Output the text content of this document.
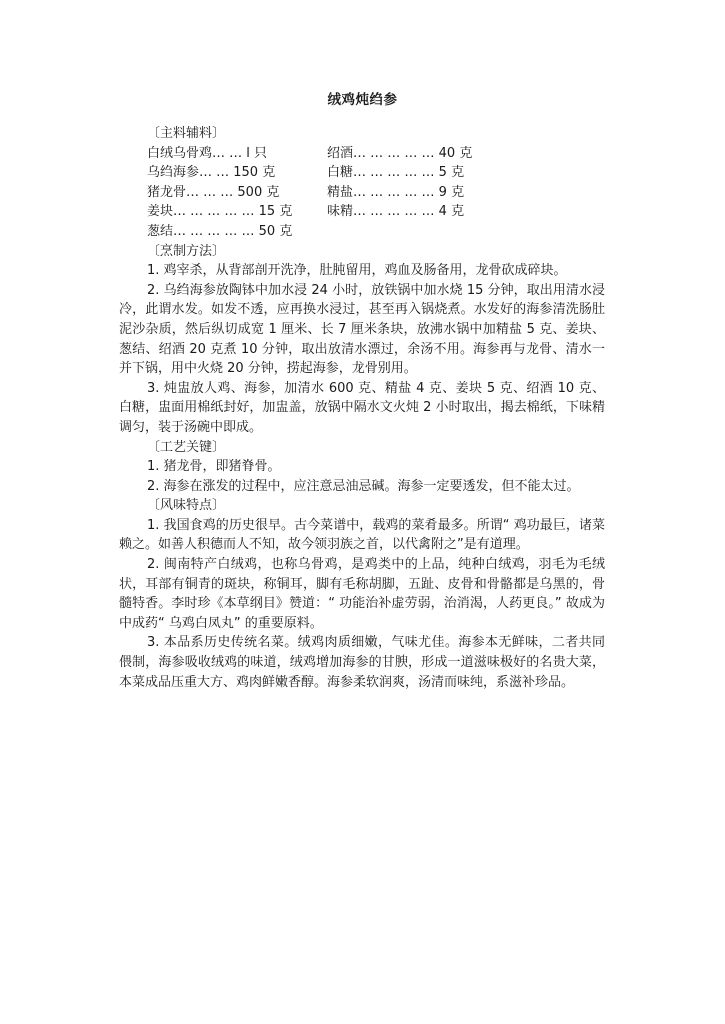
绒鸡炖绉参

〔主料辅料〕

白绒乌骨鸡… … l 只	绍酒… … … … … 40 克
乌绉海参… … 150 克	白糖… … … … … 5 克
猪龙骨… … … 500 克	精盐… … … … … 9 克
姜块… … … … … 15 克	味精… … … … … 4 克
葱结… … … … … 50 克

〔烹制方法〕

1. 鸡宰杀，从背部剖开洗净，肚肫留用，鸡血及肠备用，龙骨砍成碎块。

2. 乌绉海参放陶钵中加水浸 24 小时，放铁锅中加水烧 15 分钟，取出用清水浸冷，此谓水发。如发不透，应再换水浸过，甚至再入锅烧煮。水发好的海参清洗肠肚泥沙杂质，然后纵切成宽 1 厘米、长 7 厘米条块，放沸水锅中加精盐 5 克、姜块、葱结、绍酒 20 克煮 10 分钟，取出放清水漂过，余汤不用。海参再与龙骨、清水一并下锅，用中火烧 20 分钟，捞起海参，龙骨别用。

3. 炖盅放人鸡、海参，加清水 600 克、精盐 4 克、姜块 5 克、绍酒 10 克、白糖，盅面用棉纸封好，加盅盖，放锅中隔水文火炖 2 小时取出，揭去棉纸，下味精调匀，装于汤碗中即成。

〔工艺关键〕

1. 猪龙骨，即猪脊骨。

2. 海参在涨发的过程中，应注意忌油忌碱。海参一定要透发，但不能太过。

〔风味特点〕

1. 我国食鸡的历史很早。古今菜谱中，载鸡的菜肴最多。所谓“ 鸡功最巨，诸菜赖之。如善人积德而人不知，故今领羽族之首，以代禽附之”是有道理。

2. 闽南特产白绒鸡，也称乌骨鸡，是鸡类中的上品，纯种白绒鸡，羽毛为毛绒状，耳部有铜青的斑块，称铜耳，脚有毛称胡脚，五趾、皮骨和骨骼都是乌黑的，骨髓特香。李时珍《本草纲目》赞道：“ 功能治补虚劳弱，治消渴，人药更良。” 故成为中成药“ 乌鸡白凤丸” 的重要原料。

3. 本品系历史传统名菜。绒鸡肉质细嫩，气味尤佳。海参本无鲜味，二者共同偎制，海参吸收绒鸡的味道，绒鸡增加海参的甘腴，形成一道滋味极好的名贵大菜，本菜成品压重大方、鸡肉鲜嫩香醇。海参柔软润爽，汤清而味纯，系滋补珍品。
